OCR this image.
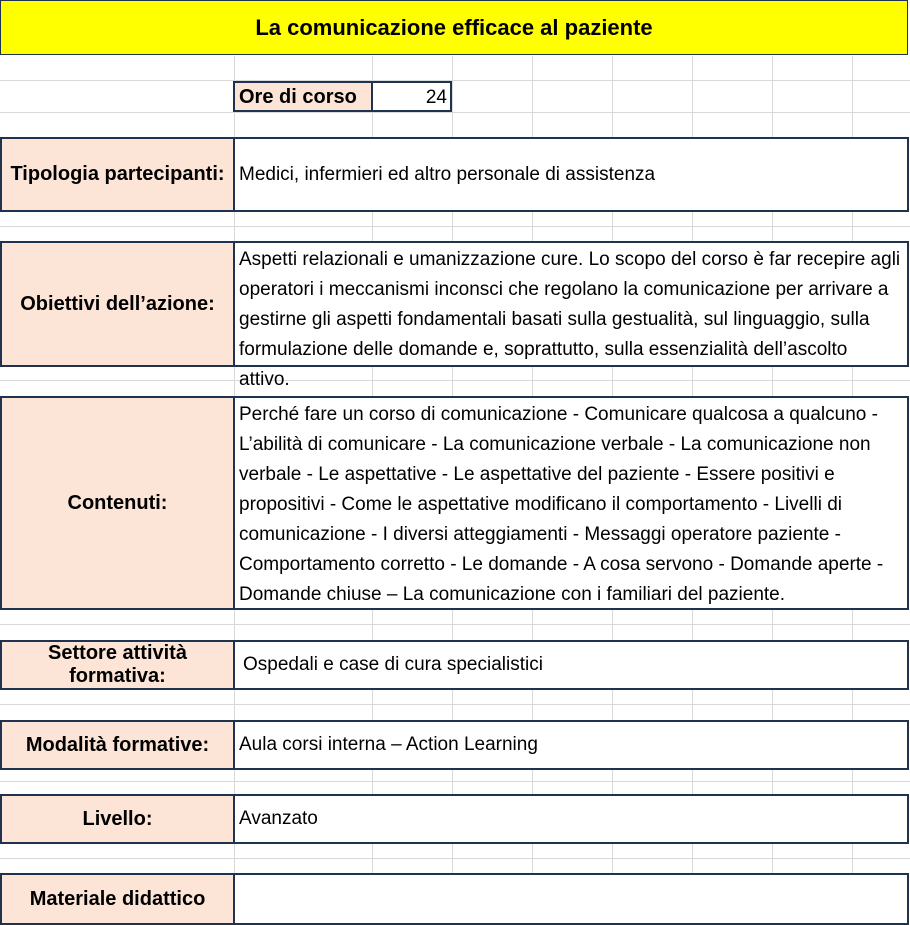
La comunicazione efficace al paziente
Ore di corso	24
Tipologia partecipanti: Medici, infermieri ed altro personale di assistenza
Obiettivi dell’azione:
Aspetti relazionali e umanizzazione cure. Lo scopo del corso è far recepire agli operatori i meccanismi inconsci che regolano la comunicazione per arrivare a gestirne gli aspetti fondamentali basati sulla gestualità, sul linguaggio, sulla formulazione delle domande e, soprattutto, sulla essenzialità dell’ascolto attivo.
Contenuti:
Perché fare un corso di comunicazione - Comunicare qualcosa a qualcuno - L’abilità di comunicare - La comunicazione verbale - La comunicazione non verbale - Le aspettative - Le aspettative del paziente - Essere positivi e propositivi - Come le aspettative modificano il comportamento - Livelli di comunicazione - I diversi atteggiamenti - Messaggi operatore paziente - Comportamento corretto - Le domande - A cosa servono - Domande aperte - Domande chiuse – La comunicazione con i familiari del paziente.
Settore attività formativa:
Ospedali e case di cura specialistici
Modalità formative:	Aula corsi interna – Action Learning
Livello:	Avanzato
Materiale didattico
